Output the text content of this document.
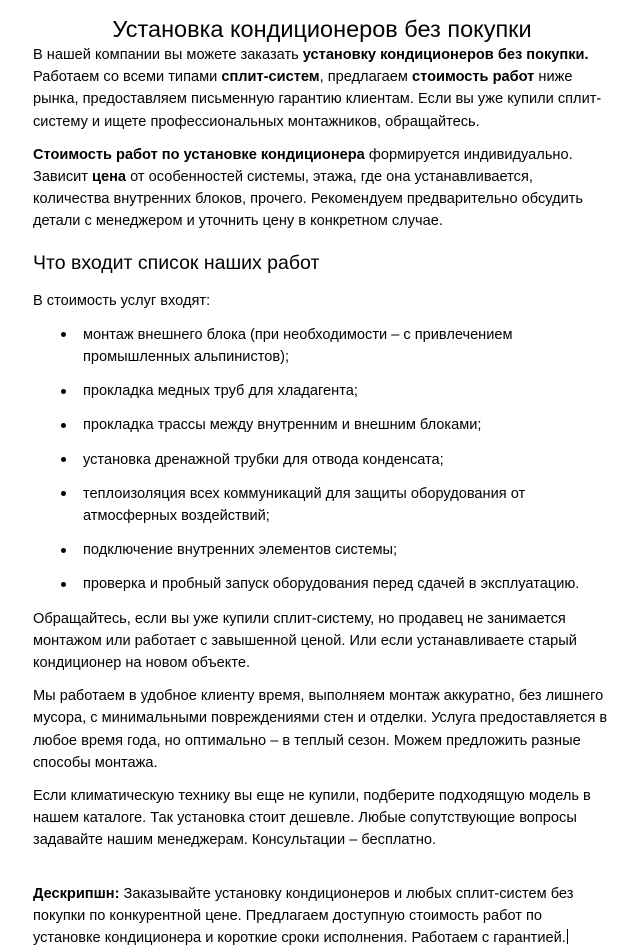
Установка кондиционеров без покупки

В нашей компании вы можете заказать установку кондиционеров без покупки. Работаем со всеми типами сплит-систем, предлагаем стоимость работ ниже рынка, предоставляем письменную гарантию клиентам. Если вы уже купили сплит-систему и ищете профессиональных монтажников, обращайтесь.

Стоимость работ по установке кондиционера формируется индивидуально. Зависит цена от особенностей системы, этажа, где она устанавливается, количества внутренних блоков, прочего. Рекомендуем предварительно обсудить детали с менеджером и уточнить цену в конкретном случае.

Что входит список наших работ

В стоимость услуг входят:

монтаж внешнего блока (при необходимости – с привлечением промышленных альпинистов);
прокладка медных труб для хладагента;
прокладка трассы между внутренним и внешним блоками;
установка дренажной трубки для отвода конденсата;
теплоизоляция всех коммуникаций для защиты оборудования от атмосферных воздействий;
подключение внутренних элементов системы;
проверка и пробный запуск оборудования перед сдачей в эксплуатацию.

Обращайтесь, если вы уже купили сплит-систему, но продавец не занимается монтажом или работает с завышенной ценой. Или если устанавливаете старый кондиционер на новом объекте.

Мы работаем в удобное клиенту время, выполняем монтаж аккуратно, без лишнего мусора, с минимальными повреждениями стен и отделки. Услуга предоставляется в любое время года, но оптимально – в теплый сезон. Можем предложить разные способы монтажа.

Если климатическую технику вы еще не купили, подберите подходящую модель в нашем каталоге. Так установка стоит дешевле. Любые сопутствующие вопросы задавайте нашим менеджерам. Консультации – бесплатно.

Дескрипшн: Заказывайте установку кондиционеров и любых сплит-систем без покупки по конкурентной цене. Предлагаем доступную стоимость работ по установке кондиционера и короткие сроки исполнения. Работаем с гарантией.
